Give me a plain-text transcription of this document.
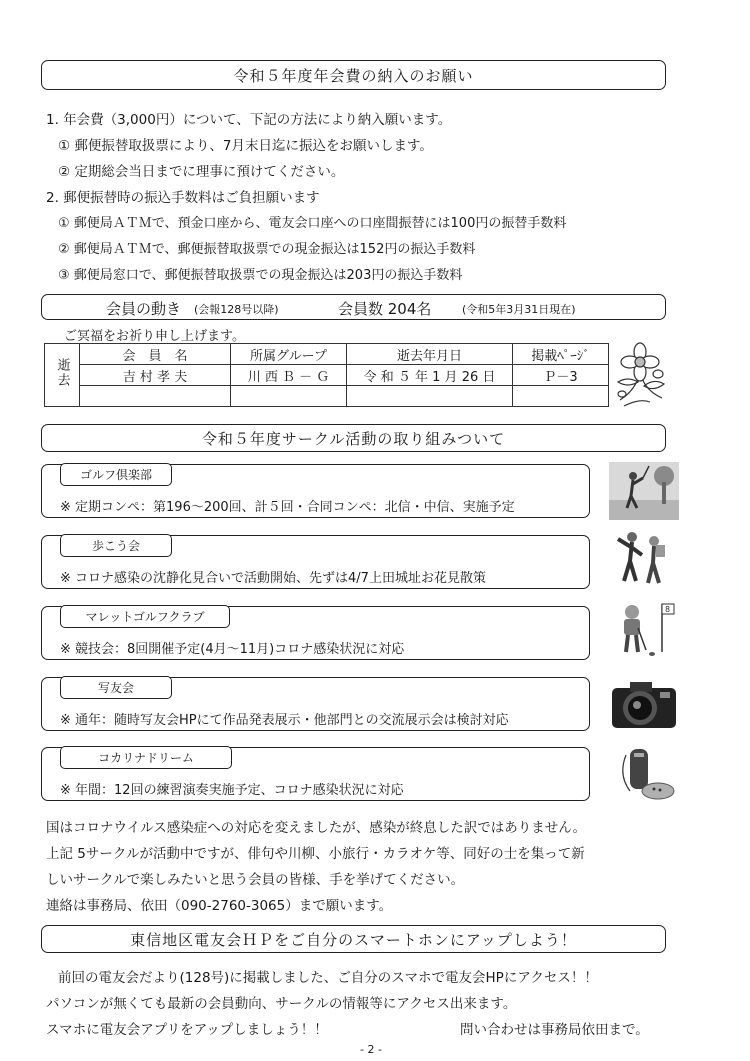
令和５年度年会費の納入のお願い
1. 年会費（3,000円）について、下記の方法により納入願います。
① 郵便振替取扱票により、7月末日迄に振込をお願いします。
② 定期総会当日までに理事に預けてください。
2. 郵便振替時の振込手数料はご負担願います
① 郵便局ＡＴＭで、預金口座から、電友会口座への口座間振替には100円の振替手数料
② 郵便局ＡＴＭで、郵便振替取扱票での現金振込は152円の振込手数料
③ 郵便局窓口で、郵便振替取扱票での現金振込は203円の振込手数料
会員の動き (会報128号以降)	会員数 204名	(令和5年3月31日現在)
ご冥福をお祈り申し上げます。
逝去	会　員　名	所属グループ	逝去年月日	掲載ﾍﾟｰｼﾞ
	吉 村 孝 夫	川 西 Ｂ － Ｇ	令 和 ５ 年 1 月 26 日	Ｐ－3

令和５年度サークル活動の取り組みついて
ゴルフ倶楽部
※ 定期コンペ：第196～200回、計５回・合同コンペ：北信・中信、実施予定
歩こう会
※ コロナ感染の沈静化見合いで活動開始、先ずは4/7上田城址お花見散策
マレットゴルフクラブ
※ 競技会：8回開催予定(4月～11月)コロナ感染状況に対応
写友会
※ 通年：随時写友会HPにて作品発表展示・他部門との交流展示会は検討対応
コカリナドリーム
※ 年間：12回の練習演奏実施予定、コロナ感染状況に対応
8
国はコロナウイルス感染症への対応を変えましたが、感染が終息した訳ではありません。
上記 5サークルが活動中ですが、俳句や川柳、小旅行・カラオケ等、同好の士を集って新
しいサークルで楽しみたいと思う会員の皆様、手を挙げてください。
連絡は事務局、依田（090-2760-3065）まで願います。
東信地区電友会ＨＰをご自分のスマートホンにアップしよう！
前回の電友会だより(128号)に掲載しました、ご自分のスマホで電友会HPにアクセス！！
パソコンが無くても最新の会員動向、サークルの情報等にアクセス出来ます。
スマホに電友会アプリをアップしましょう！！	問い合わせは事務局依田まで。
- 2 -
